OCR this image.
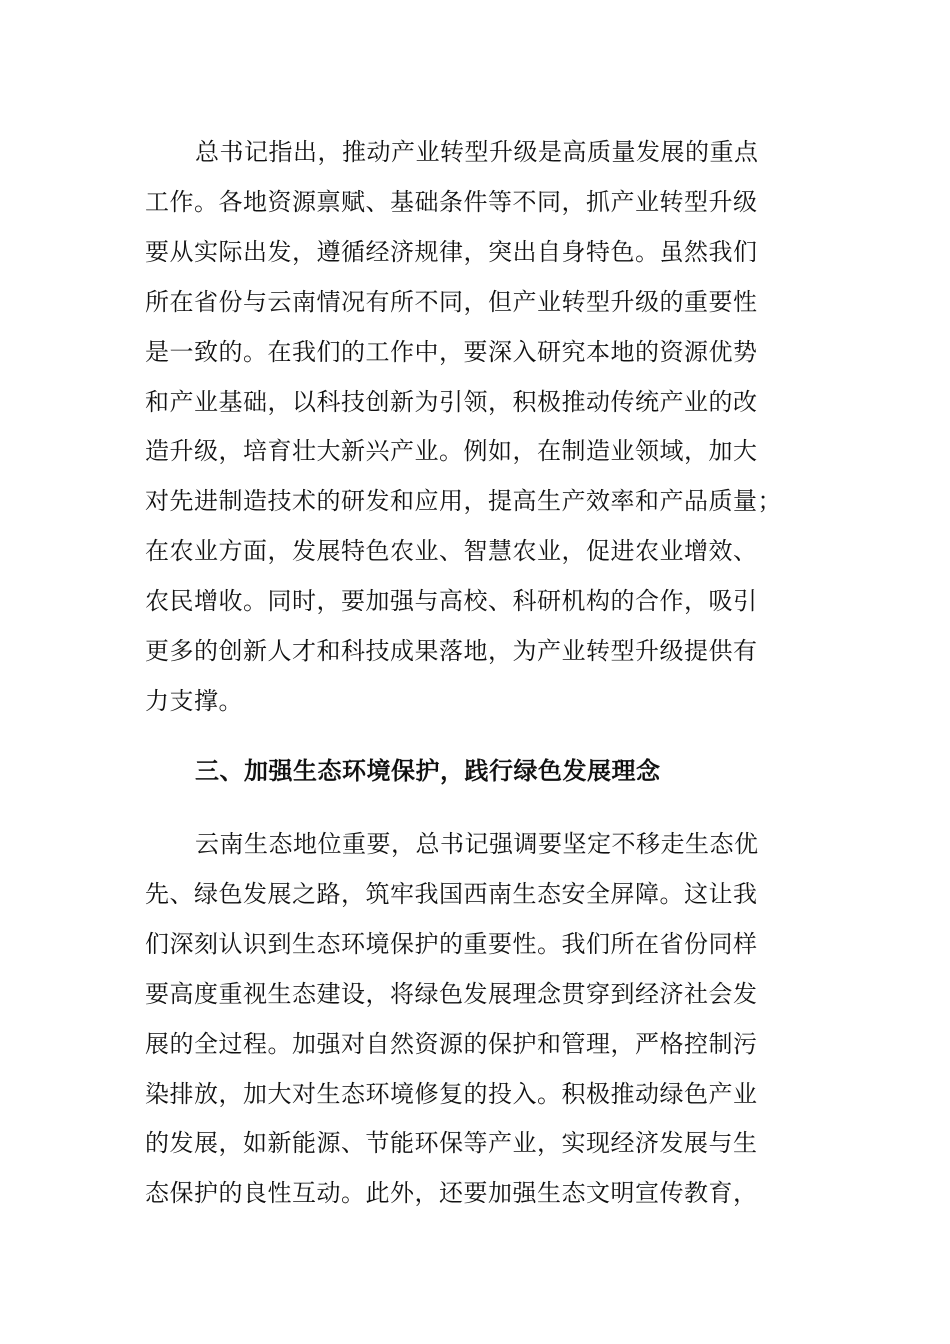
总书记指出，推动产业转型升级是高质量发展的重点
工作。各地资源禀赋、基础条件等不同，抓产业转型升级
要从实际出发，遵循经济规律，突出自身特色。虽然我们
所在省份与云南情况有所不同，但产业转型升级的重要性
是一致的。在我们的工作中，要深入研究本地的资源优势
和产业基础，以科技创新为引领，积极推动传统产业的改
造升级，培育壮大新兴产业。例如，在制造业领域，加大
对先进制造技术的研发和应用，提高生产效率和产品质量；
在农业方面，发展特色农业、智慧农业，促进农业增效、
农民增收。同时，要加强与高校、科研机构的合作，吸引
更多的创新人才和科技成果落地，为产业转型升级提供有
力支撑。
三、加强生态环境保护，践行绿色发展理念
云南生态地位重要，总书记强调要坚定不移走生态优
先、绿色发展之路，筑牢我国西南生态安全屏障。这让我
们深刻认识到生态环境保护的重要性。我们所在省份同样
要高度重视生态建设，将绿色发展理念贯穿到经济社会发
展的全过程。加强对自然资源的保护和管理，严格控制污
染排放，加大对生态环境修复的投入。积极推动绿色产业
的发展，如新能源、节能环保等产业，实现经济发展与生
态保护的良性互动。此外，还要加强生态文明宣传教育，
